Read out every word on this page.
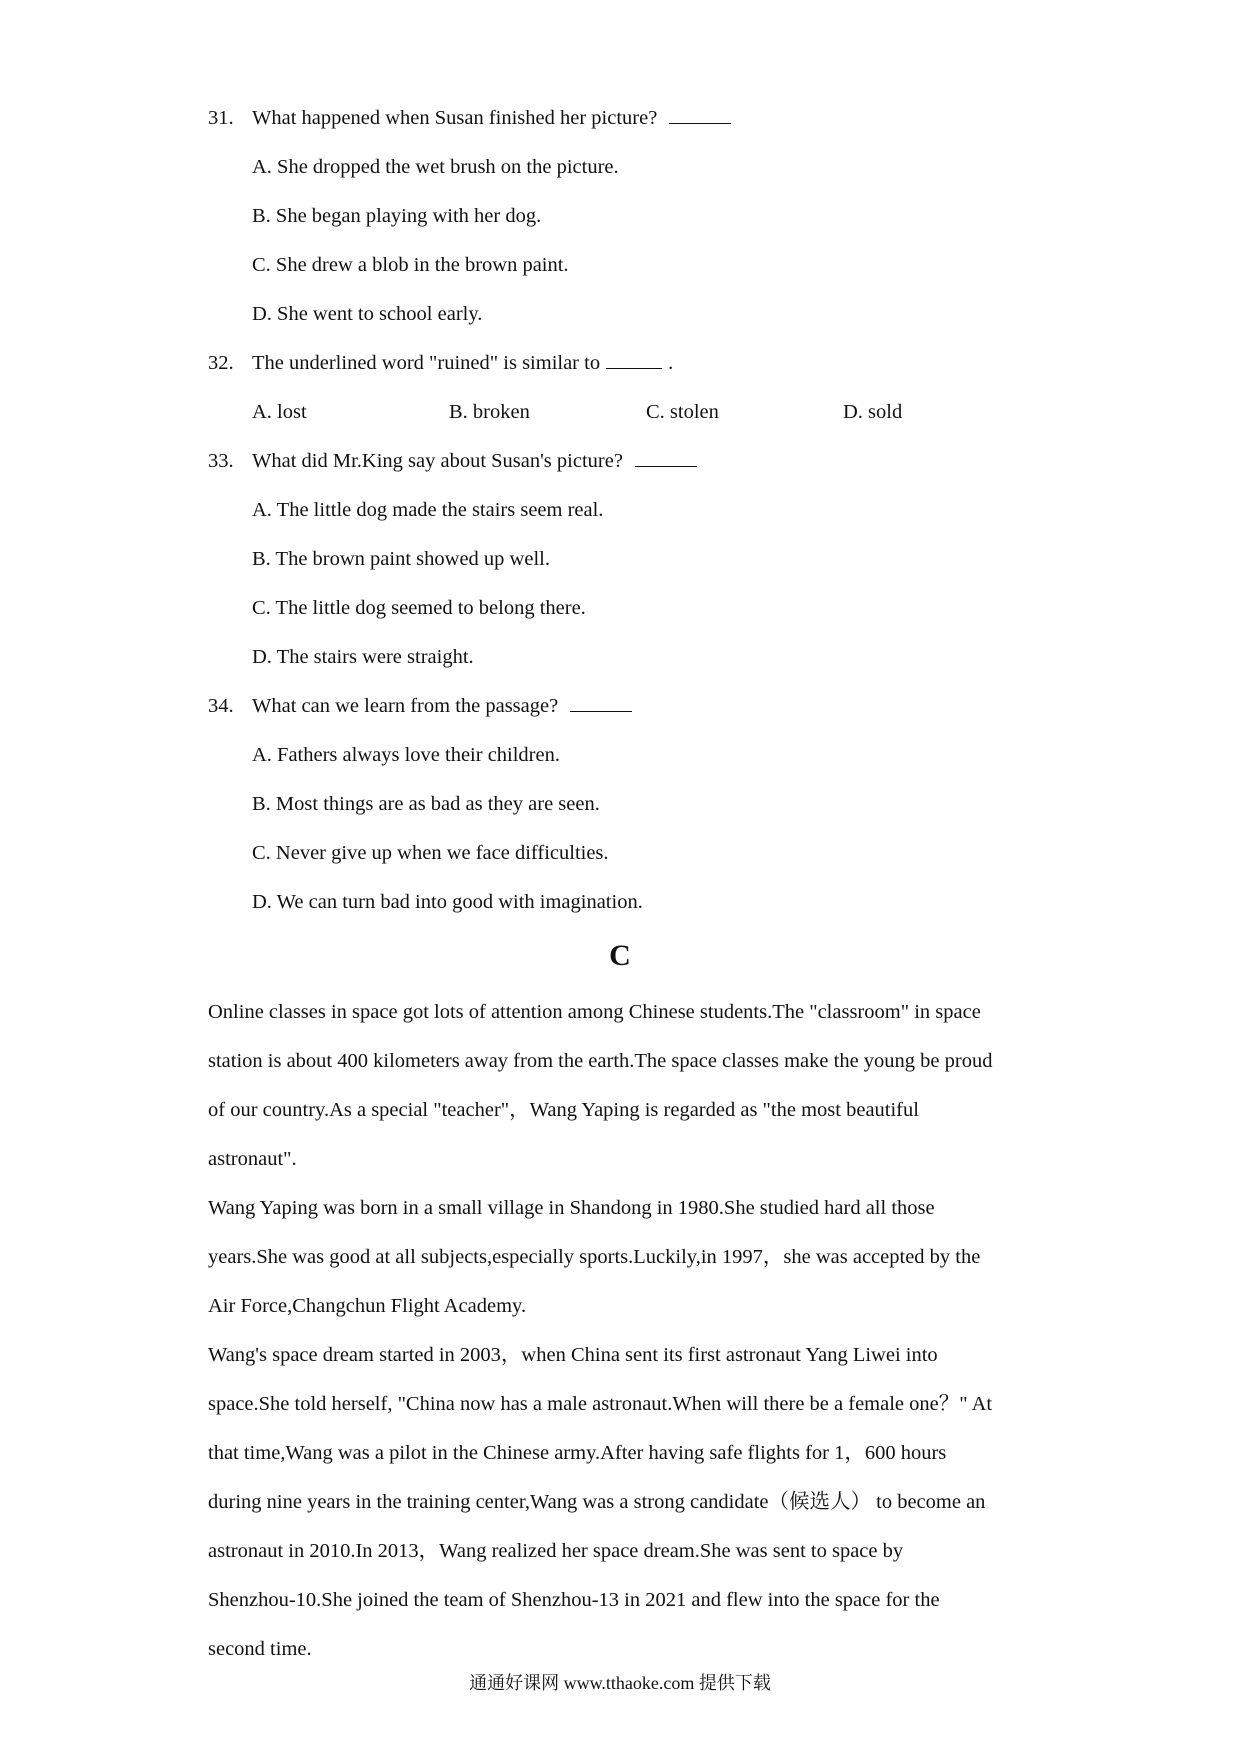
31. What happened when Susan finished her picture?
A. She dropped the wet brush on the picture.
B. She began playing with her dog.
C. She drew a blob in the brown paint.
D. She went to school early.
32. The underlined word "ruined" is similar to	.
A. lost	B. broken	C. stolen	D. sold
33. What did Mr.King say about Susan's picture?
A. The little dog made the stairs seem real.
B. The brown paint showed up well.
C. The little dog seemed to belong there.
D. The stairs were straight.
34. What can we learn from the passage?
A. Fathers always love their children.
B. Most things are as bad as they are seen.
C. Never give up when we face difficulties.
D. We can turn bad into good with imagination.
C
Online classes in space got lots of attention among Chinese students.The "classroom" in space
station is about 400 kilometers away from the earth.The space classes make the young be proud
of our country.As a special "teacher"，Wang Yaping is regarded as "the most beautiful
astronaut".
Wang Yaping was born in a small village in Shandong in 1980.She studied hard all those
years.She was good at all subjects,especially sports.Luckily,in 1997，she was accepted by the
Air Force,Changchun Flight Academy.
Wang's space dream started in 2003，when China sent its first astronaut Yang Liwei into
space.She told herself, "China now has a male astronaut.When will there be a female one？" At
that time,Wang was a pilot in the Chinese army.After having safe flights for 1，600 hours
during nine years in the training center,Wang was a strong candidate（候选人） to become an
astronaut in 2010.In 2013，Wang realized her space dream.She was sent to space by
Shenzhou-10.She joined the team of Shenzhou-13 in 2021 and flew into the space for the
second time.
通通好课网 www.tthaoke.com 提供下载
